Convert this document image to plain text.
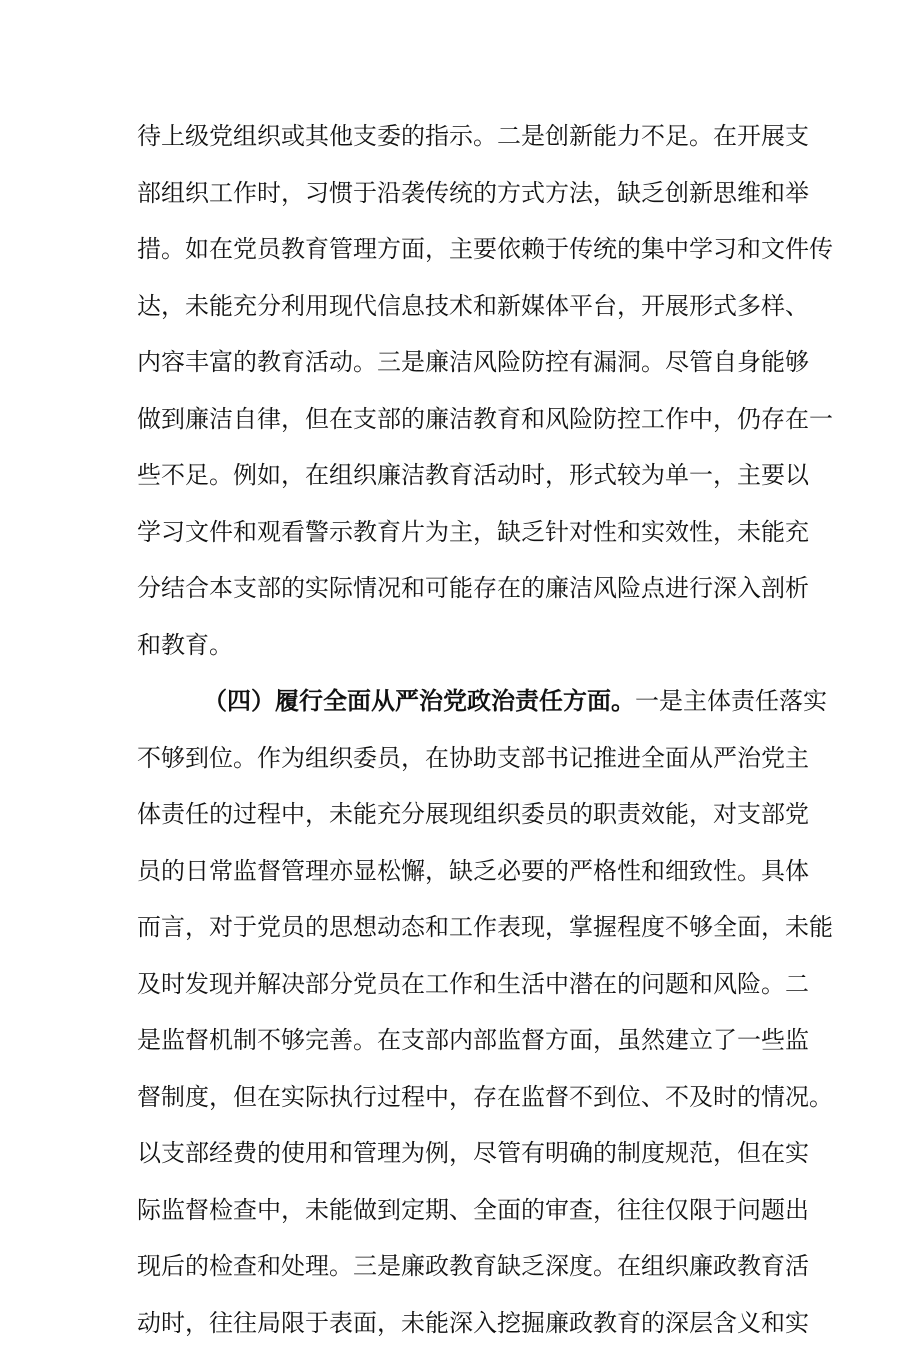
待上级党组织或其他支委的指示。二是创新能力不足。在开展支
部组织工作时，习惯于沿袭传统的方式方法，缺乏创新思维和举
措。如在党员教育管理方面，主要依赖于传统的集中学习和文件传
达，未能充分利用现代信息技术和新媒体平台，开展形式多样、
内容丰富的教育活动。三是廉洁风险防控有漏洞。尽管自身能够
做到廉洁自律，但在支部的廉洁教育和风险防控工作中，仍存在一
些不足。例如，在组织廉洁教育活动时，形式较为单一，主要以
学习文件和观看警示教育片为主，缺乏针对性和实效性，未能充
分结合本支部的实际情况和可能存在的廉洁风险点进行深入剖析
和教育。
（四）履行全面从严治党政治责任方面。一是主体责任落实
不够到位。作为组织委员，在协助支部书记推进全面从严治党主
体责任的过程中，未能充分展现组织委员的职责效能，对支部党
员的日常监督管理亦显松懈，缺乏必要的严格性和细致性。具体
而言，对于党员的思想动态和工作表现，掌握程度不够全面，未能
及时发现并解决部分党员在工作和生活中潜在的问题和风险。二
是监督机制不够完善。在支部内部监督方面，虽然建立了一些监
督制度，但在实际执行过程中，存在监督不到位、不及时的情况。
以支部经费的使用和管理为例，尽管有明确的制度规范，但在实
际监督检查中，未能做到定期、全面的审查，往往仅限于问题出
现后的检查和处理。三是廉政教育缺乏深度。在组织廉政教育活
动时，往往局限于表面，未能深入挖掘廉政教育的深层含义和实
